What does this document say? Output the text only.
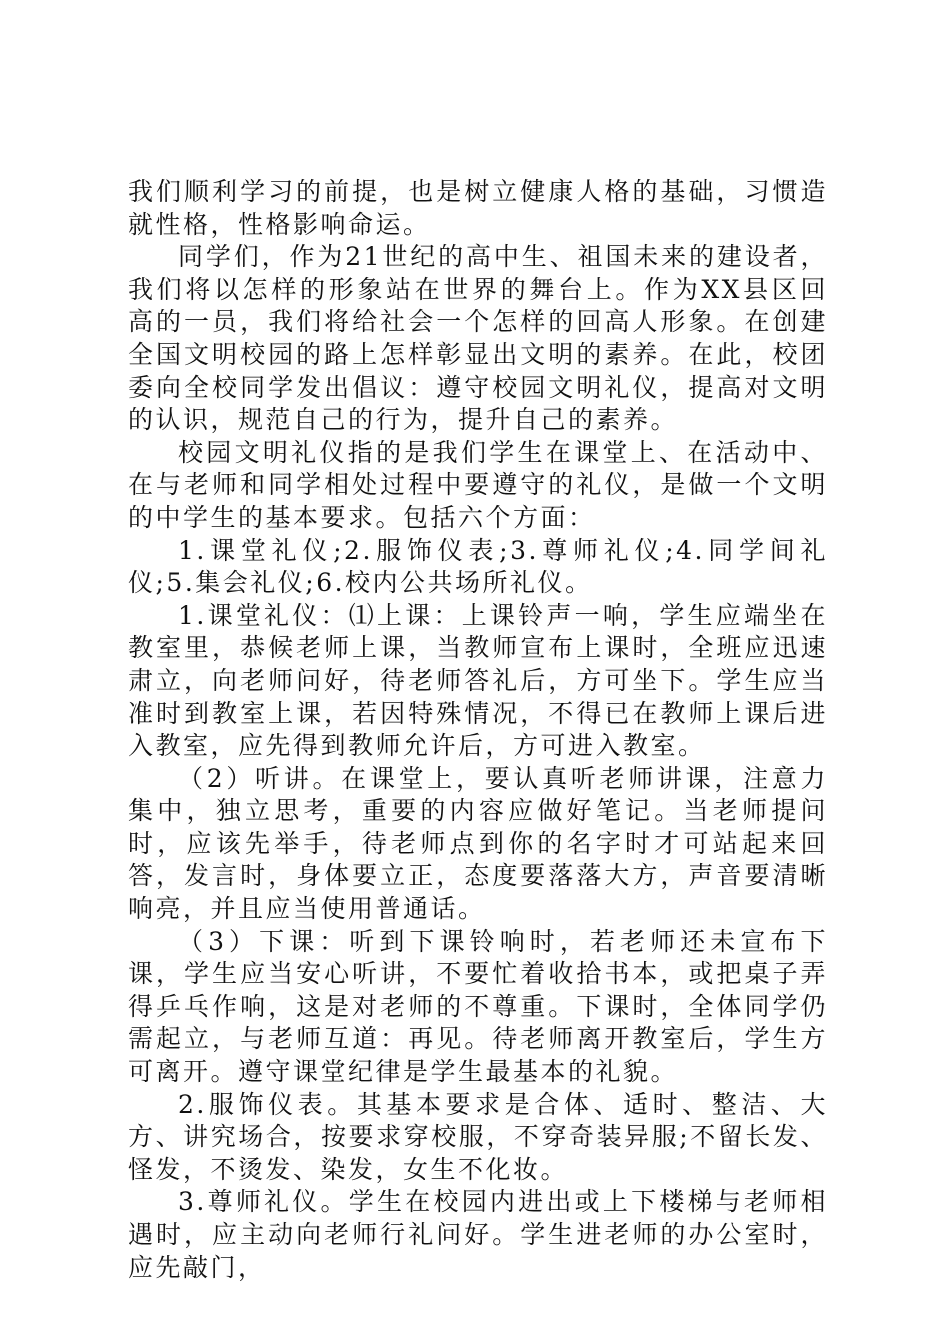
我们顺利学习的前提，也是树立健康人格的基础，习惯造就性格，性格影响命运。

同学们，作为21世纪的高中生、祖国未来的建设者，我们将以怎样的形象站在世界的舞台上。作为XX县区回高的一员，我们将给社会一个怎样的回高人形象。在创建全国文明校园的路上怎样彰显出文明的素养。在此，校团委向全校同学发出倡议：遵守校园文明礼仪，提高对文明的认识，规范自己的行为，提升自己的素养。

校园文明礼仪指的是我们学生在课堂上、在活动中、在与老师和同学相处过程中要遵守的礼仪，是做一个文明的中学生的基本要求。包括六个方面：

1.课堂礼仪;2.服饰仪表;3.尊师礼仪;4.同学间礼仪;5.集会礼仪;6.校内公共场所礼仪。

1.课堂礼仪：⑴上课：上课铃声一响，学生应端坐在教室里，恭候老师上课，当教师宣布上课时，全班应迅速肃立，向老师问好，待老师答礼后，方可坐下。学生应当准时到教室上课，若因特殊情况，不得已在教师上课后进入教室，应先得到教师允许后，方可进入教室。

（2）听讲。在课堂上，要认真听老师讲课，注意力集中，独立思考，重要的内容应做好笔记。当老师提问时，应该先举手，待老师点到你的名字时才可站起来回答，发言时，身体要立正，态度要落落大方，声音要清晰响亮，并且应当使用普通话。

（3）下课：听到下课铃响时，若老师还未宣布下课，学生应当安心听讲，不要忙着收拾书本，或把桌子弄得乒乓作响，这是对老师的不尊重。下课时，全体同学仍需起立，与老师互道：再见。待老师离开教室后，学生方可离开。遵守课堂纪律是学生最基本的礼貌。

2.服饰仪表。其基本要求是合体、适时、整洁、大方、讲究场合，按要求穿校服，不穿奇装异服;不留长发、怪发，不烫发、染发，女生不化妆。

3.尊师礼仪。学生在校园内进出或上下楼梯与老师相遇时，应主动向老师行礼问好。学生进老师的办公室时，应先敲门，
